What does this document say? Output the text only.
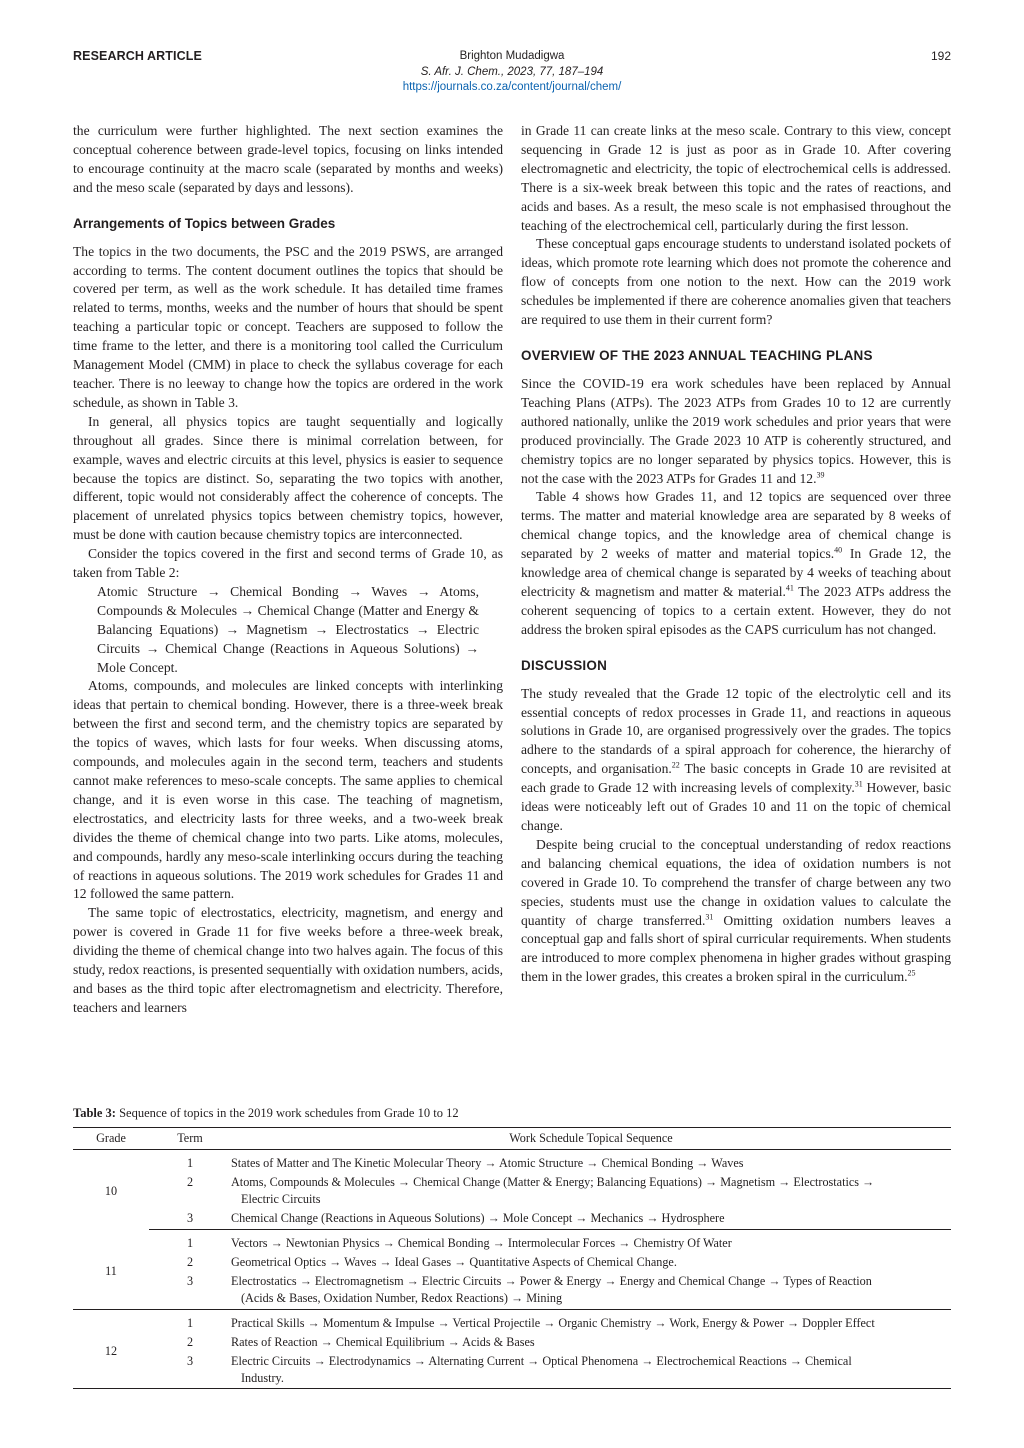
RESEARCH ARTICLE	Brighton Mudadigwa
S. Afr. J. Chem., 2023, 77, 187–194
https://journals.co.za/content/journal/chem/
192

the curriculum were further highlighted. The next section examines the conceptual coherence between grade-level topics, focusing on links intended to encourage continuity at the macro scale (separated by months and weeks) and the meso scale (separated by days and lessons).

Arrangements of Topics between Grades

The topics in the two documents, the PSC and the 2019 PSWS, are arranged according to terms. The content document outlines the topics that should be covered per term, as well as the work schedule. It has detailed time frames related to terms, months, weeks and the number of hours that should be spent teaching a particular topic or concept. Teachers are supposed to follow the time frame to the letter, and there is a monitoring tool called the Curriculum Management Model (CMM) in place to check the syllabus coverage for each teacher. There is no leeway to change how the topics are ordered in the work schedule, as shown in Table 3.

In general, all physics topics are taught sequentially and logically throughout all grades. Since there is minimal correlation between, for example, waves and electric circuits at this level, physics is easier to sequence because the topics are distinct. So, separating the two topics with another, different, topic would not considerably affect the coherence of concepts. The placement of unrelated physics topics between chemistry topics, however, must be done with caution because chemistry topics are interconnected.

Consider the topics covered in the first and second terms of Grade 10, as taken from Table 2:

Atomic Structure → Chemical Bonding → Waves → Atoms, Compounds & Molecules → Chemical Change (Matter and Energy & Balancing Equations) → Magnetism → Electrostatics → Electric Circuits → Chemical Change (Reactions in Aqueous Solutions) → Mole Concept.

Atoms, compounds, and molecules are linked concepts with interlinking ideas that pertain to chemical bonding. However, there is a three-week break between the first and second term, and the chemistry topics are separated by the topics of waves, which lasts for four weeks. When discussing atoms, compounds, and molecules again in the second term, teachers and students cannot make references to meso-scale concepts. The same applies to chemical change, and it is even worse in this case. The teaching of magnetism, electrostatics, and electricity lasts for three weeks, and a two-week break divides the theme of chemical change into two parts. Like atoms, molecules, and compounds, hardly any meso-scale interlinking occurs during the teaching of reactions in aqueous solutions. The 2019 work schedules for Grades 11 and 12 followed the same pattern.

The same topic of electrostatics, electricity, magnetism, and energy and power is covered in Grade 11 for five weeks before a three-week break, dividing the theme of chemical change into two halves again. The focus of this study, redox reactions, is presented sequentially with oxidation numbers, acids, and bases as the third topic after electromagnetism and electricity. Therefore, teachers and learners

in Grade 11 can create links at the meso scale. Contrary to this view, concept sequencing in Grade 12 is just as poor as in Grade 10. After covering electromagnetic and electricity, the topic of electrochemical cells is addressed. There is a six-week break between this topic and the rates of reactions, and acids and bases. As a result, the meso scale is not emphasised throughout the teaching of the electrochemical cell, particularly during the first lesson.

These conceptual gaps encourage students to understand isolated pockets of ideas, which promote rote learning which does not promote the coherence and flow of concepts from one notion to the next. How can the 2019 work schedules be implemented if there are coherence anomalies given that teachers are required to use them in their current form?

OVERVIEW OF THE 2023 ANNUAL TEACHING PLANS

Since the COVID-19 era work schedules have been replaced by Annual Teaching Plans (ATPs). The 2023 ATPs from Grades 10 to 12 are currently authored nationally, unlike the 2019 work schedules and prior years that were produced provincially. The Grade 2023 10 ATP is coherently structured, and chemistry topics are no longer separated by physics topics. However, this is not the case with the 2023 ATPs for Grades 11 and 12.39

Table 4 shows how Grades 11, and 12 topics are sequenced over three terms. The matter and material knowledge area are separated by 8 weeks of chemical change topics, and the knowledge area of chemical change is separated by 2 weeks of matter and material topics.$^{40}$ In Grade 12, the knowledge area of chemical change is separated by 4 weeks of teaching about electricity & magnetism and matter & material.$^{41}$ The 2023 ATPs address the coherent sequencing of topics to a certain extent. However, they do not address the broken spiral episodes as the CAPS curriculum has not changed.

DISCUSSION

The study revealed that the Grade 12 topic of the electrolytic cell and its essential concepts of redox processes in Grade 11, and reactions in aqueous solutions in Grade 10, are organised progressively over the grades. The topics adhere to the standards of a spiral approach for coherence, the hierarchy of concepts, and organisation.$^{22}$ The basic concepts in Grade 10 are revisited at each grade to Grade 12 with increasing levels of complexity.$^{31}$ However, basic ideas were noticeably left out of Grades 10 and 11 on the topic of chemical change.

Despite being crucial to the conceptual understanding of redox reactions and balancing chemical equations, the idea of oxidation numbers is not covered in Grade 10. To comprehend the transfer of charge between any two species, students must use the change in oxidation values to calculate the quantity of charge transferred.$^{31}$ Omitting oxidation numbers leaves a conceptual gap and falls short of spiral curricular requirements. When students are introduced to more complex phenomena in higher grades without grasping them in the lower grades, this creates a broken spiral in the curriculum.$^{25}$

Table 3: Sequence of topics in the 2019 work schedules from Grade 10 to 12
Grade	Term	Work Schedule Topical Sequence
10	1	States of Matter and The Kinetic Molecular Theory → Atomic Structure → Chemical Bonding → Waves

	2	Atoms, Compounds & Molecules → Chemical Change (Matter & Energy; Balancing Equations) → Magnetism → Electrostatics →
Electric Circuits

	3	Chemical Change (Reactions in Aqueous Solutions) → Mole Concept → Mechanics → Hydrosphere

11	1	Vectors → Newtonian Physics → Chemical Bonding → Intermolecular Forces → Chemistry Of Water

	2	Geometrical Optics → Waves → Ideal Gases → Quantitative Aspects of Chemical Change.

	3	Electrostatics → Electromagnetism → Electric Circuits → Power & Energy → Energy and Chemical Change → Types of Reaction
(Acids & Bases, Oxidation Number, Redox Reactions) → Mining

12	1	Practical Skills → Momentum & Impulse → Vertical Projectile → Organic Chemistry → Work, Energy & Power → Doppler Effect

	2	Rates of Reaction → Chemical Equilibrium → Acids & Bases

	3	Electric Circuits → Electrodynamics → Alternating Current → Optical Phenomena → Electrochemical Reactions → Chemical
Industry.
